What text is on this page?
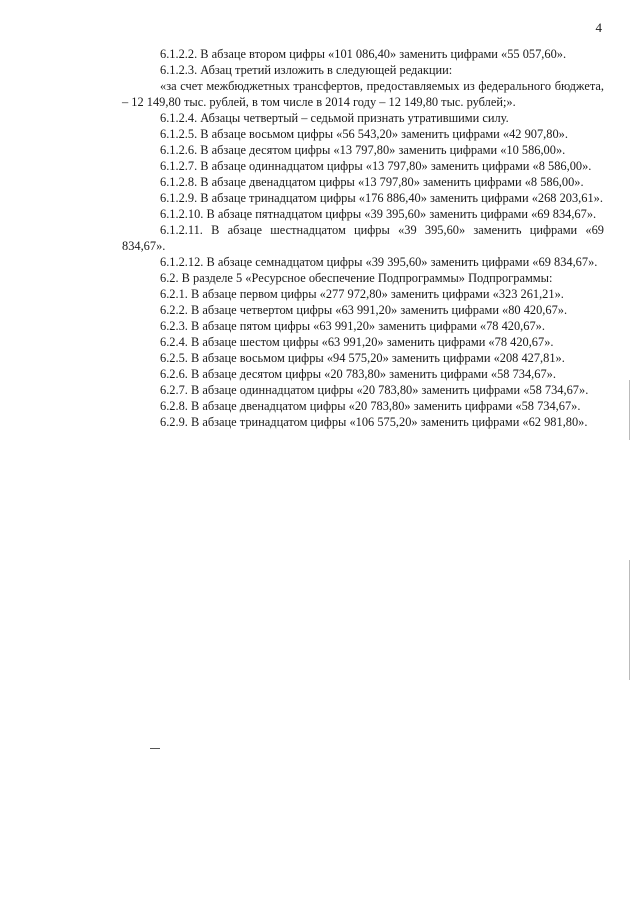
4

6.1.2.2. В абзаце втором цифры «101 086,40» заменить цифрами «55 057,60».

6.1.2.3. Абзац третий изложить в следующей редакции:

«за счет межбюджетных трансфертов, предоставляемых из федерального бюджета, – 12 149,80 тыс. рублей, в том числе в 2014 году – 12 149,80 тыс. рублей;».

6.1.2.4. Абзацы четвертый – седьмой признать утратившими силу.

6.1.2.5. В абзаце восьмом цифры «56 543,20» заменить цифрами «42 907,80».

6.1.2.6. В абзаце десятом цифры «13 797,80» заменить цифрами «10 586,00».

6.1.2.7. В абзаце одиннадцатом цифры «13 797,80» заменить цифрами «8 586,00».

6.1.2.8. В абзаце двенадцатом цифры «13 797,80» заменить цифрами «8 586,00».

6.1.2.9. В абзаце тринадцатом цифры «176 886,40» заменить цифрами «268 203,61».

6.1.2.10. В абзаце пятнадцатом цифры «39 395,60» заменить цифрами «69 834,67».

6.1.2.11. В абзаце шестнадцатом цифры «39 395,60» заменить цифрами «69 834,67».

6.1.2.12. В абзаце семнадцатом цифры «39 395,60» заменить цифрами «69 834,67».

6.2. В разделе 5 «Ресурсное обеспечение Подпрограммы» Подпрограммы:

6.2.1. В абзаце первом цифры «277 972,80» заменить цифрами «323 261,21».

6.2.2. В абзаце четвертом цифры «63 991,20» заменить цифрами «80 420,67».

6.2.3. В абзаце пятом цифры «63 991,20» заменить цифрами «78 420,67».

6.2.4. В абзаце шестом цифры «63 991,20» заменить цифрами «78 420,67».

6.2.5. В абзаце восьмом цифры «94 575,20» заменить цифрами «208 427,81».

6.2.6. В абзаце десятом цифры «20 783,80» заменить цифрами «58 734,67».

6.2.7. В абзаце одиннадцатом цифры «20 783,80» заменить цифрами «58 734,67».

6.2.8. В абзаце двенадцатом цифры «20 783,80» заменить цифрами «58 734,67».

6.2.9. В абзаце тринадцатом цифры «106 575,20» заменить цифрами «62 981,80».
